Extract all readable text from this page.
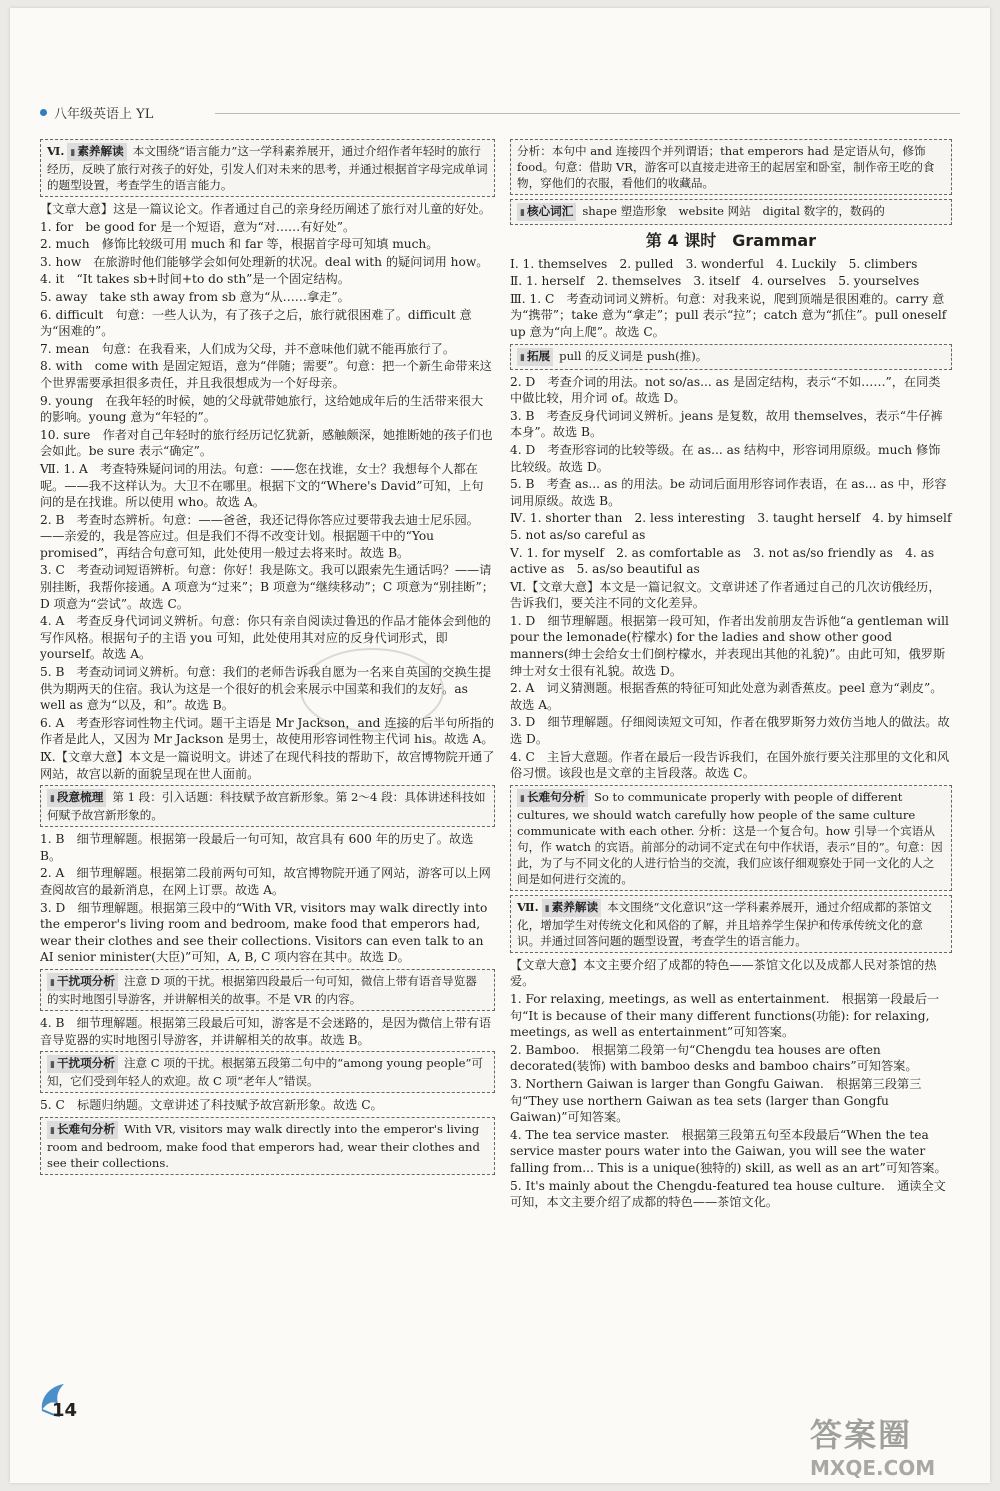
八年级英语上 YL
Ⅵ. ▮ 素养解读 本文围绕“语言能力”这一学科素养展开，通过介绍作者年轻时的旅行经历，反映了旅行对孩子的好处，引发人们对未来的思考，并通过根据首字母完成单词的题型设置，考查学生的语言能力。

【文章大意】这是一篇议论文。作者通过自己的亲身经历阐述了旅行对儿童的好处。

1. for　be good for 是一个短语，意为“对……有好处”。

2. much　修饰比较级可用 much 和 far 等，根据首字母可知填 much。

3. how　在旅游时他们能够学会如何处理新的状况。deal with 的疑问词用 how。

4. it　“It takes sb+时间+to do sth”是一个固定结构。

5. away　take sth away from sb 意为“从……拿走”。

6. difficult　句意：一些人认为，有了孩子之后，旅行就很困难了。difficult 意为“困难的”。

7. mean　句意：在我看来，人们成为父母，并不意味他们就不能再旅行了。

8. with　come with 是固定短语，意为“伴随；需要”。句意：把一个新生命带来这个世界需要承担很多责任，并且我很想成为一个好母亲。

9. young　在我年轻的时候，她的父母就带她旅行，这给她成年后的生活带来很大的影响。young 意为“年轻的”。

10. sure　作者对自己年轻时的旅行经历记忆犹新，感触颇深，她推断她的孩子们也会如此。be sure 表示“确定”。

Ⅶ. 1. A　考查特殊疑问词的用法。句意：——您在找谁，女士？我想每个人都在呢。——我不这样认为。大卫不在哪里。根据下文的“Where's David”可知，上句问的是在找谁。所以使用 who。故选 A。

2. B　考查时态辨析。句意：——爸爸，我还记得你答应过要带我去迪士尼乐园。——亲爱的，我是答应过。但是我们不得不改变计划。根据题干中的“You promised”，再结合句意可知，此处使用一般过去将来时。故选 B。

3. C　考查动词短语辨析。句意：你好！我是陈文。我可以跟索先生通话吗？——请别挂断，我帮你接通。A 项意为“过来”；B 项意为“继续移动”；C 项意为“别挂断”；D 项意为“尝试”。故选 C。

4. A　考查反身代词词义辨析。句意：你只有亲自阅读过鲁迅的作品才能体会到他的写作风格。根据句子的主语 you 可知，此处使用其对应的反身代词形式，即 yourself。故选 A。

5. B　考查动词词义辨析。句意：我们的老师告诉我自愿为一名来自英国的交换生提供为期两天的住宿。我认为这是一个很好的机会来展示中国菜和我们的友好。as well as 意为“以及，和”。故选 B。

6. A　考查形容词性物主代词。题干主语是 Mr Jackson，and 连接的后半句所指的作者是此人，又因为 Mr Jackson 是男士，故使用形容词性物主代词 his。故选 A。

Ⅸ.【文章大意】本文是一篇说明文。讲述了在现代科技的帮助下，故宫博物院开通了网站，故宫以新的面貌呈现在世人面前。

▮ 段意梳理 第 1 段：引入话题：科技赋予故宫新形象。第 2～4 段：具体讲述科技如何赋予故宫新形象的。

1. B　细节理解题。根据第一段最后一句可知，故宫具有 600 年的历史了。故选 B。

2. A　细节理解题。根据第二段前两句可知，故宫博物院开通了网站，游客可以上网查阅故宫的最新消息，在网上订票。故选 A。

3. D　细节理解题。根据第三段中的“With VR, visitors may walk directly into the emperor's living room and bedroom, make food that emperors had, wear their clothes and see their collections. Visitors can even talk to an AI senior minister(大臣)”可知，A, B, C 项内容在其中。故选 D。

▮ 干扰项分析 注意 D 项的干扰。根据第四段最后一句可知，微信上带有语音导览器的实时地图引导游客，并讲解相关的故事。不是 VR 的内容。

4. B　细节理解题。根据第三段最后可知，游客是不会迷路的，是因为微信上带有语音导览器的实时地图引导游客，并讲解相关的故事。故选 B。

▮ 干扰项分析 注意 C 项的干扰。根据第五段第二句中的“among young people”可知，它们受到年轻人的欢迎。故 C 项“老年人”错误。

5. C　标题归纳题。文章讲述了科技赋予故宫新形象。故选 C。

▮ 长难句分析 With VR, visitors may walk directly into the emperor's living room and bedroom, make food that emperors had, wear their clothes and see their collections.
分析：本句中 and 连接四个并列谓语；that emperors had 是定语从句，修饰 food。句意：借助 VR，游客可以直接走进帝王的起居室和卧室，制作帝王吃的食物，穿他们的衣服，看他们的收藏品。
▮ 核心词汇 shape 塑造形象　website 网站　digital 数字的，数码的
第 4 课时　Grammar

Ⅰ. 1. themselves　2. pulled　3. wonderful　4. Luckily　5. climbers

Ⅱ. 1. herself　2. themselves　3. itself　4. ourselves　5. yourselves

Ⅲ. 1. C　考查动词词义辨析。句意：对我来说，爬到顶端是很困难的。carry 意为“携带”；take 意为“拿走”；pull 表示“拉”；catch 意为“抓住”。pull oneself up 意为“向上爬”。故选 C。

▮ 拓展 pull 的反义词是 push(推)。

2. D　考查介词的用法。not so/as... as 是固定结构，表示“不如……”，在同类中做比较，用介词 of。故选 D。

3. B　考查反身代词词义辨析。jeans 是复数，故用 themselves，表示“牛仔裤本身”。故选 B。

4. D　考查形容词的比较等级。在 as... as 结构中，形容词用原级。much 修饰比较级。故选 D。

5. B　考查 as... as 的用法。be 动词后面用形容词作表语，在 as... as 中，形容词用原级。故选 B。

Ⅳ. 1. shorter than　2. less interesting　3. taught herself　4. by himself　5. not as/so careful as

Ⅴ. 1. for myself　2. as comfortable as　3. not as/so friendly as　4. as active as　5. as/so beautiful as

Ⅵ.【文章大意】本文是一篇记叙文。文章讲述了作者通过自己的几次访俄经历，告诉我们，要关注不同的文化差异。

1. D　细节理解题。根据第一段可知，作者出发前朋友告诉他“a gentleman will pour the lemonade(柠檬水) for the ladies and show other good manners(绅士会给女士们倒柠檬水，并表现出其他的礼貌)”。由此可知，俄罗斯绅士对女士很有礼貌。故选 D。

2. A　词义猜测题。根据香蕉的特征可知此处意为剥香蕉皮。peel 意为“剥皮”。故选 A。

3. D　细节理解题。仔细阅读短文可知，作者在俄罗斯努力效仿当地人的做法。故选 D。

4. C　主旨大意题。作者在最后一段告诉我们，在国外旅行要关注那里的文化和风俗习惯。该段也是文章的主旨段落。故选 C。

▮ 长难句分析 So to communicate properly with people of different cultures, we should watch carefully how people of the same culture communicate with each other. 分析：这是一个复合句。how 引导一个宾语从句，作 watch 的宾语。前部分的动词不定式在句中作状语，表示“目的”。句意：因此，为了与不同文化的人进行恰当的交流，我们应该仔细观察处于同一文化的人之间是如何进行交流的。
Ⅶ. ▮ 素养解读 本文围绕“文化意识”这一学科素养展开，通过介绍成都的茶馆文化，增加学生对传统文化和风俗的了解，并且培养学生保护和传承传统文化的意识。并通过回答问题的题型设置，考查学生的语言能力。

【文章大意】本文主要介绍了成都的特色——茶馆文化以及成都人民对茶馆的热爱。

1. For relaxing, meetings, as well as entertainment.　根据第一段最后一句“It is because of their many different functions(功能): for relaxing, meetings, as well as entertainment”可知答案。

2. Bamboo.　根据第二段第一句“Chengdu tea houses are often decorated(装饰) with bamboo desks and bamboo chairs”可知答案。

3. Northern Gaiwan is larger than Gongfu Gaiwan.　根据第三段第三句“They use northern Gaiwan as tea sets (larger than Gongfu Gaiwan)”可知答案。

4. The tea service master.　根据第三段第五句至本段最后“When the tea service master pours water into the Gaiwan, you will see the water falling from... This is a unique(独特的) skill, as well as an art”可知答案。

5. It's mainly about the Chengdu-featured tea house culture.　通读全文可知，本文主要介绍了成都的特色——茶馆文化。

14
答案圈
MXQE.COM
